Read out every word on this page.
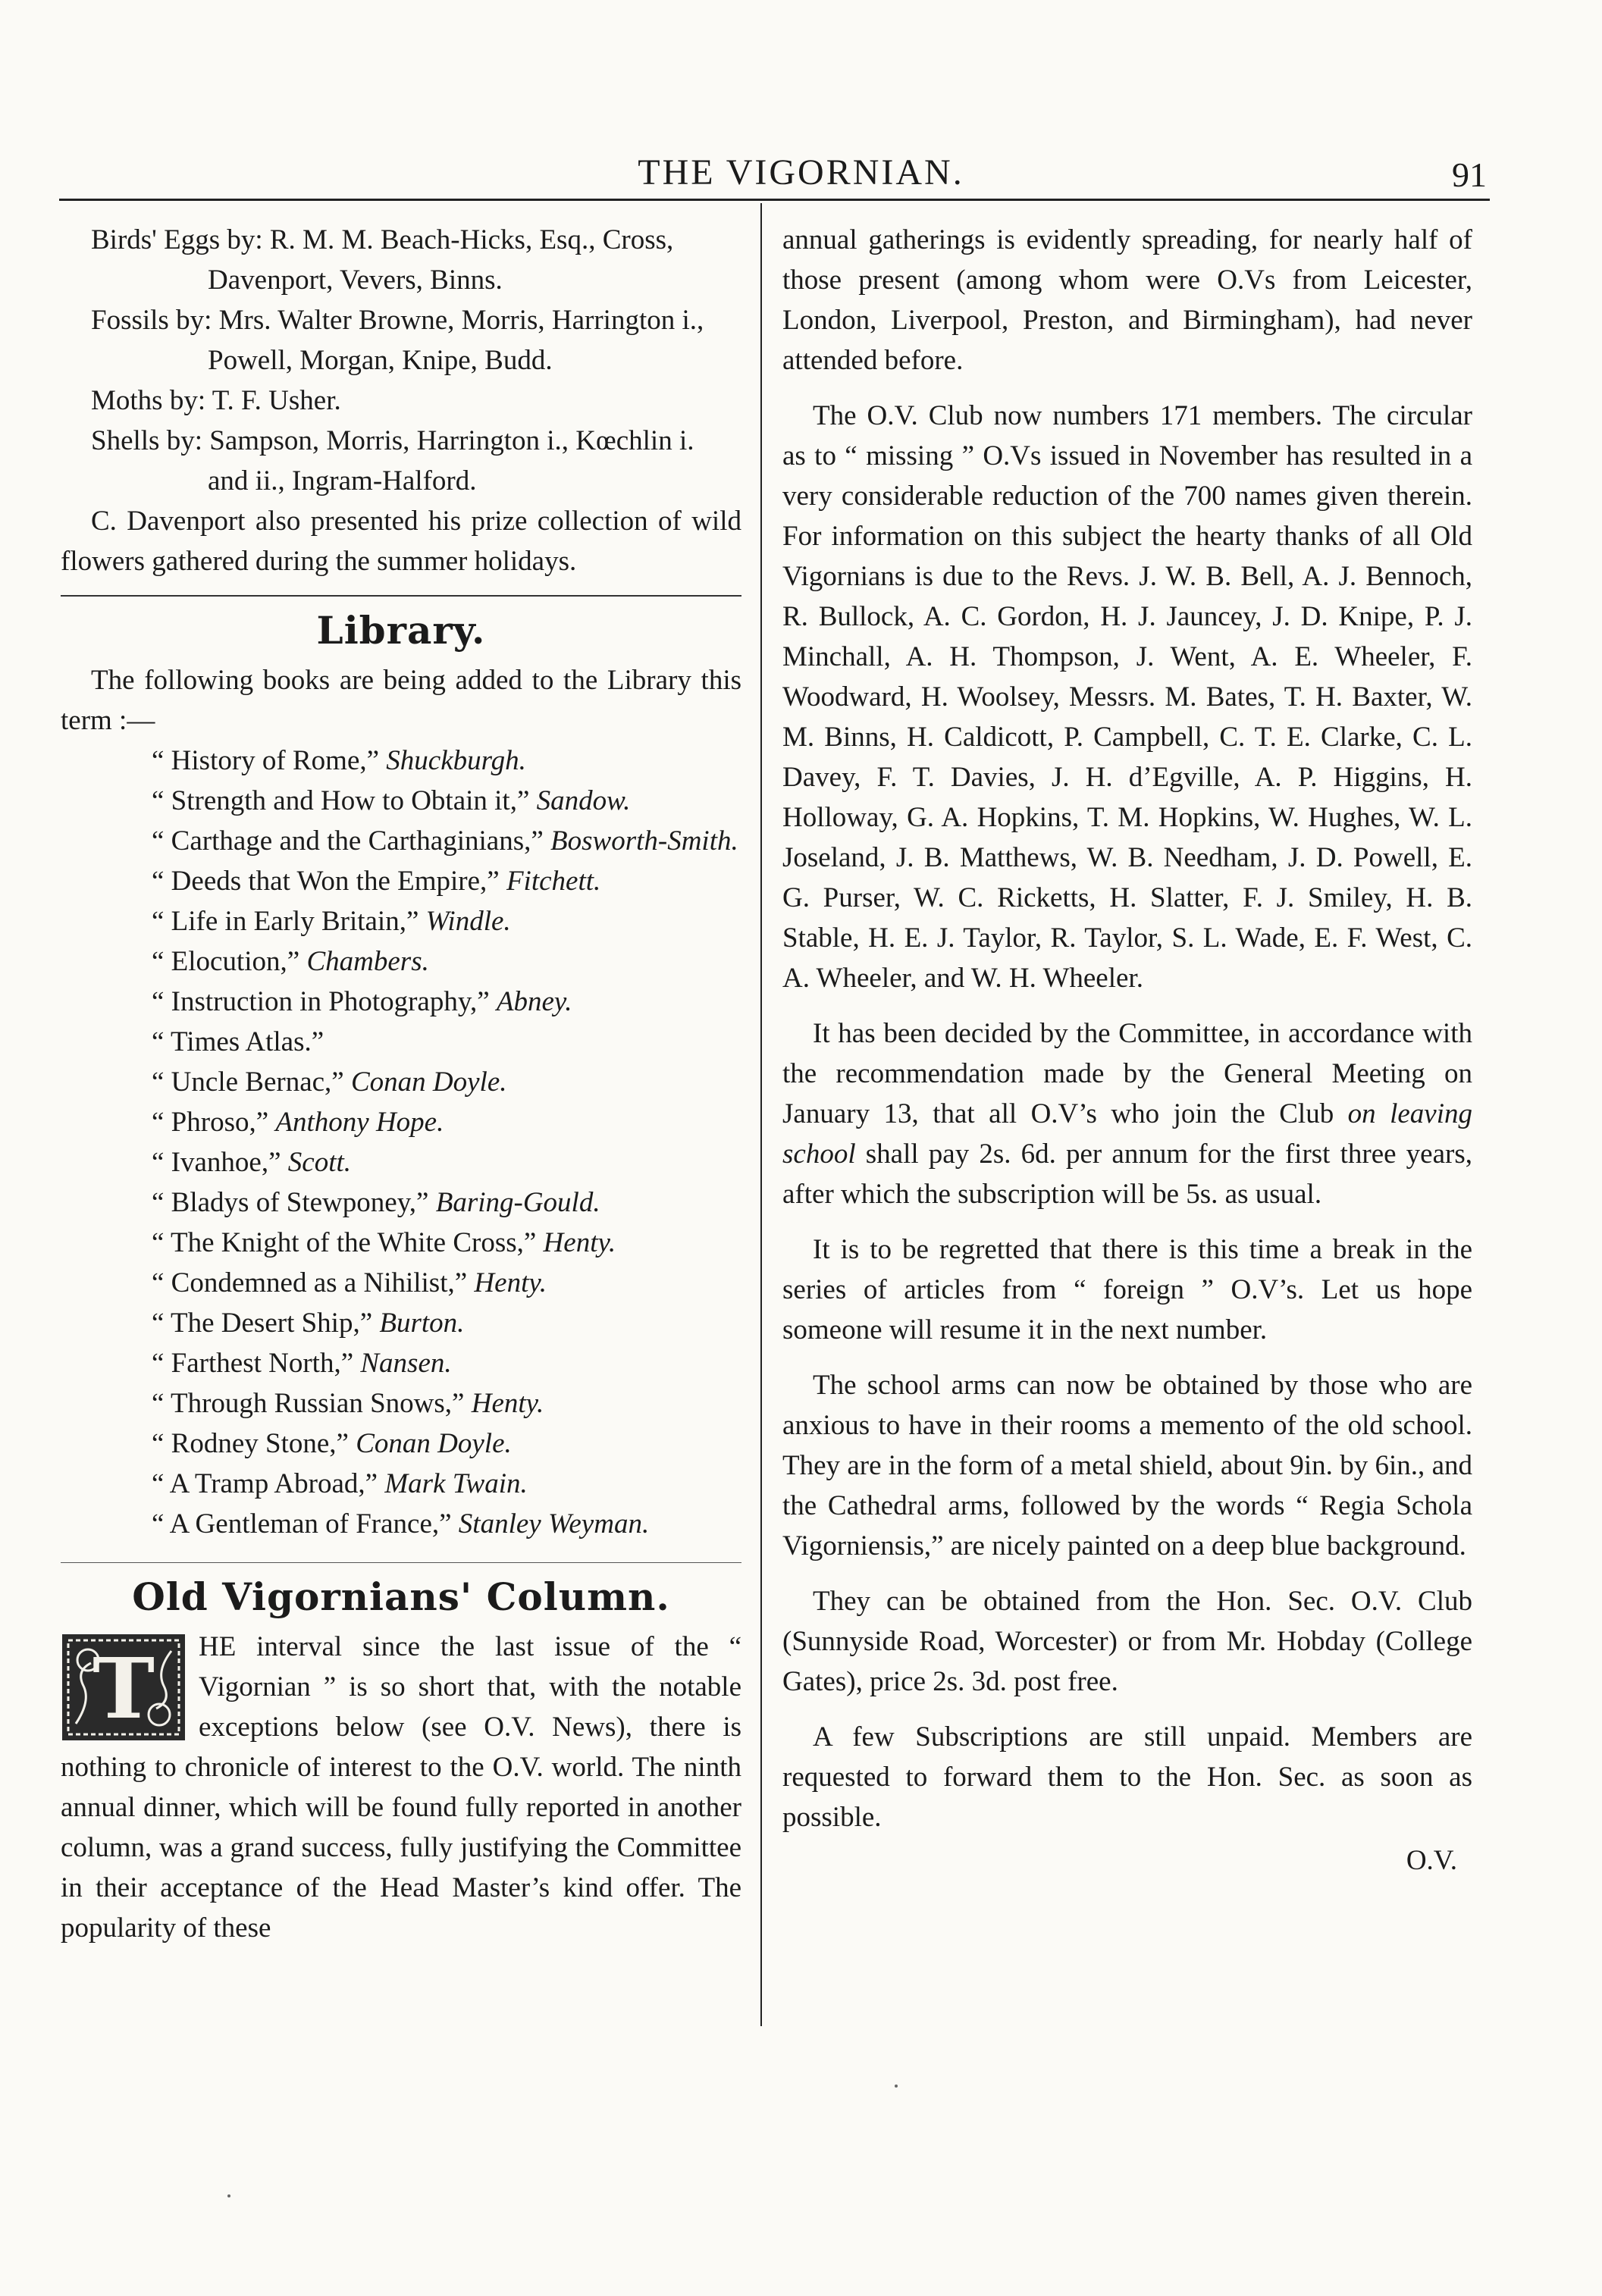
THE VIGORNIAN.	91

Birds' Eggs by: R. M. M. Beach-Hicks, Esq., Cross, Davenport, Vevers, Binns.

Fossils by: Mrs. Walter Browne, Morris, Harrington i., Powell, Morgan, Knipe, Budd.

Moths by: T. F. Usher.

Shells by: Sampson, Morris, Harrington i., Kœchlin i. and ii., Ingram-Halford.

C. Davenport also presented his prize collection of wild flowers gathered during the summer holidays.

Library.

The following books are being added to the Library this term :—

“ History of Rome,” Shuckburgh.
“ Strength and How to Obtain it,” Sandow.
“ Carthage and the Carthaginians,” Bosworth-Smith.
“ Deeds that Won the Empire,” Fitchett.
“ Life in Early Britain,” Windle.
“ Elocution,” Chambers.
“ Instruction in Photography,” Abney.
“ Times Atlas.”
“ Uncle Bernac,” Conan Doyle.
“ Phroso,” Anthony Hope.
“ Ivanhoe,” Scott.
“ Bladys of Stewponey,” Baring-Gould.
“ The Knight of the White Cross,” Henty.
“ Condemned as a Nihilist,” Henty.
“ The Desert Ship,” Burton.
“ Farthest North,” Nansen.
“ Through Russian Snows,” Henty.
“ Rodney Stone,” Conan Doyle.
“ A Tramp Abroad,” Mark Twain.
“ A Gentleman of France,” Stanley Weyman.
Old Vigornians' Column.
T	HE interval since the last issue of the “ Vigornian ” is so short that, with the notable exceptions below (see O.V. News), there is nothing to chronicle of interest to the O.V. world. The ninth annual dinner, which will be found fully reported in another column, was a grand success, fully justifying the Committee in their acceptance of the Head Master’s kind offer. The popularity of these

annual gatherings is evidently spreading, for nearly half of those present (among whom were O.Vs from Leicester, London, Liverpool, Preston, and Birmingham), had never attended before.

The O.V. Club now numbers 171 members. The circular as to “ missing ” O.Vs issued in November has resulted in a very considerable reduction of the 700 names given therein. For information on this subject the hearty thanks of all Old Vigornians is due to the Revs. J. W. B. Bell, A. J. Bennoch, R. Bullock, A. C. Gordon, H. J. Jauncey, J. D. Knipe, P. J. Minchall, A. H. Thompson, J. Went, A. E. Wheeler, F. Woodward, H. Woolsey, Messrs. M. Bates, T. H. Baxter, W. M. Binns, H. Caldicott, P. Campbell, C. T. E. Clarke, C. L. Davey, F. T. Davies, J. H. d’Egville, A. P. Higgins, H. Holloway, G. A. Hopkins, T. M. Hopkins, W. Hughes, W. L. Joseland, J. B. Matthews, W. B. Needham, J. D. Powell, E. G. Purser, W. C. Ricketts, H. Slatter, F. J. Smiley, H. B. Stable, H. E. J. Taylor, R. Taylor, S. L. Wade, E. F. West, C. A. Wheeler, and W. H. Wheeler.

It has been decided by the Committee, in accordance with the recommendation made by the General Meeting on January 13, that all O.V’s who join the Club on leaving school shall pay 2s. 6d. per annum for the first three years, after which the subscription will be 5s. as usual.

It is to be regretted that there is this time a break in the series of articles from “ foreign ” O.V’s. Let us hope someone will resume it in the next number.

The school arms can now be obtained by those who are anxious to have in their rooms a memento of the old school. They are in the form of a metal shield, about 9in. by 6in., and the Cathedral arms, followed by the words “ Regia Schola Vigorniensis,” are nicely painted on a deep blue background.

They can be obtained from the Hon. Sec. O.V. Club (Sunnyside Road, Worcester) or from Mr. Hobday (College Gates), price 2s. 3d. post free.

A few Subscriptions are still unpaid. Members are requested to forward them to the Hon. Sec. as soon as possible.

O.V.
